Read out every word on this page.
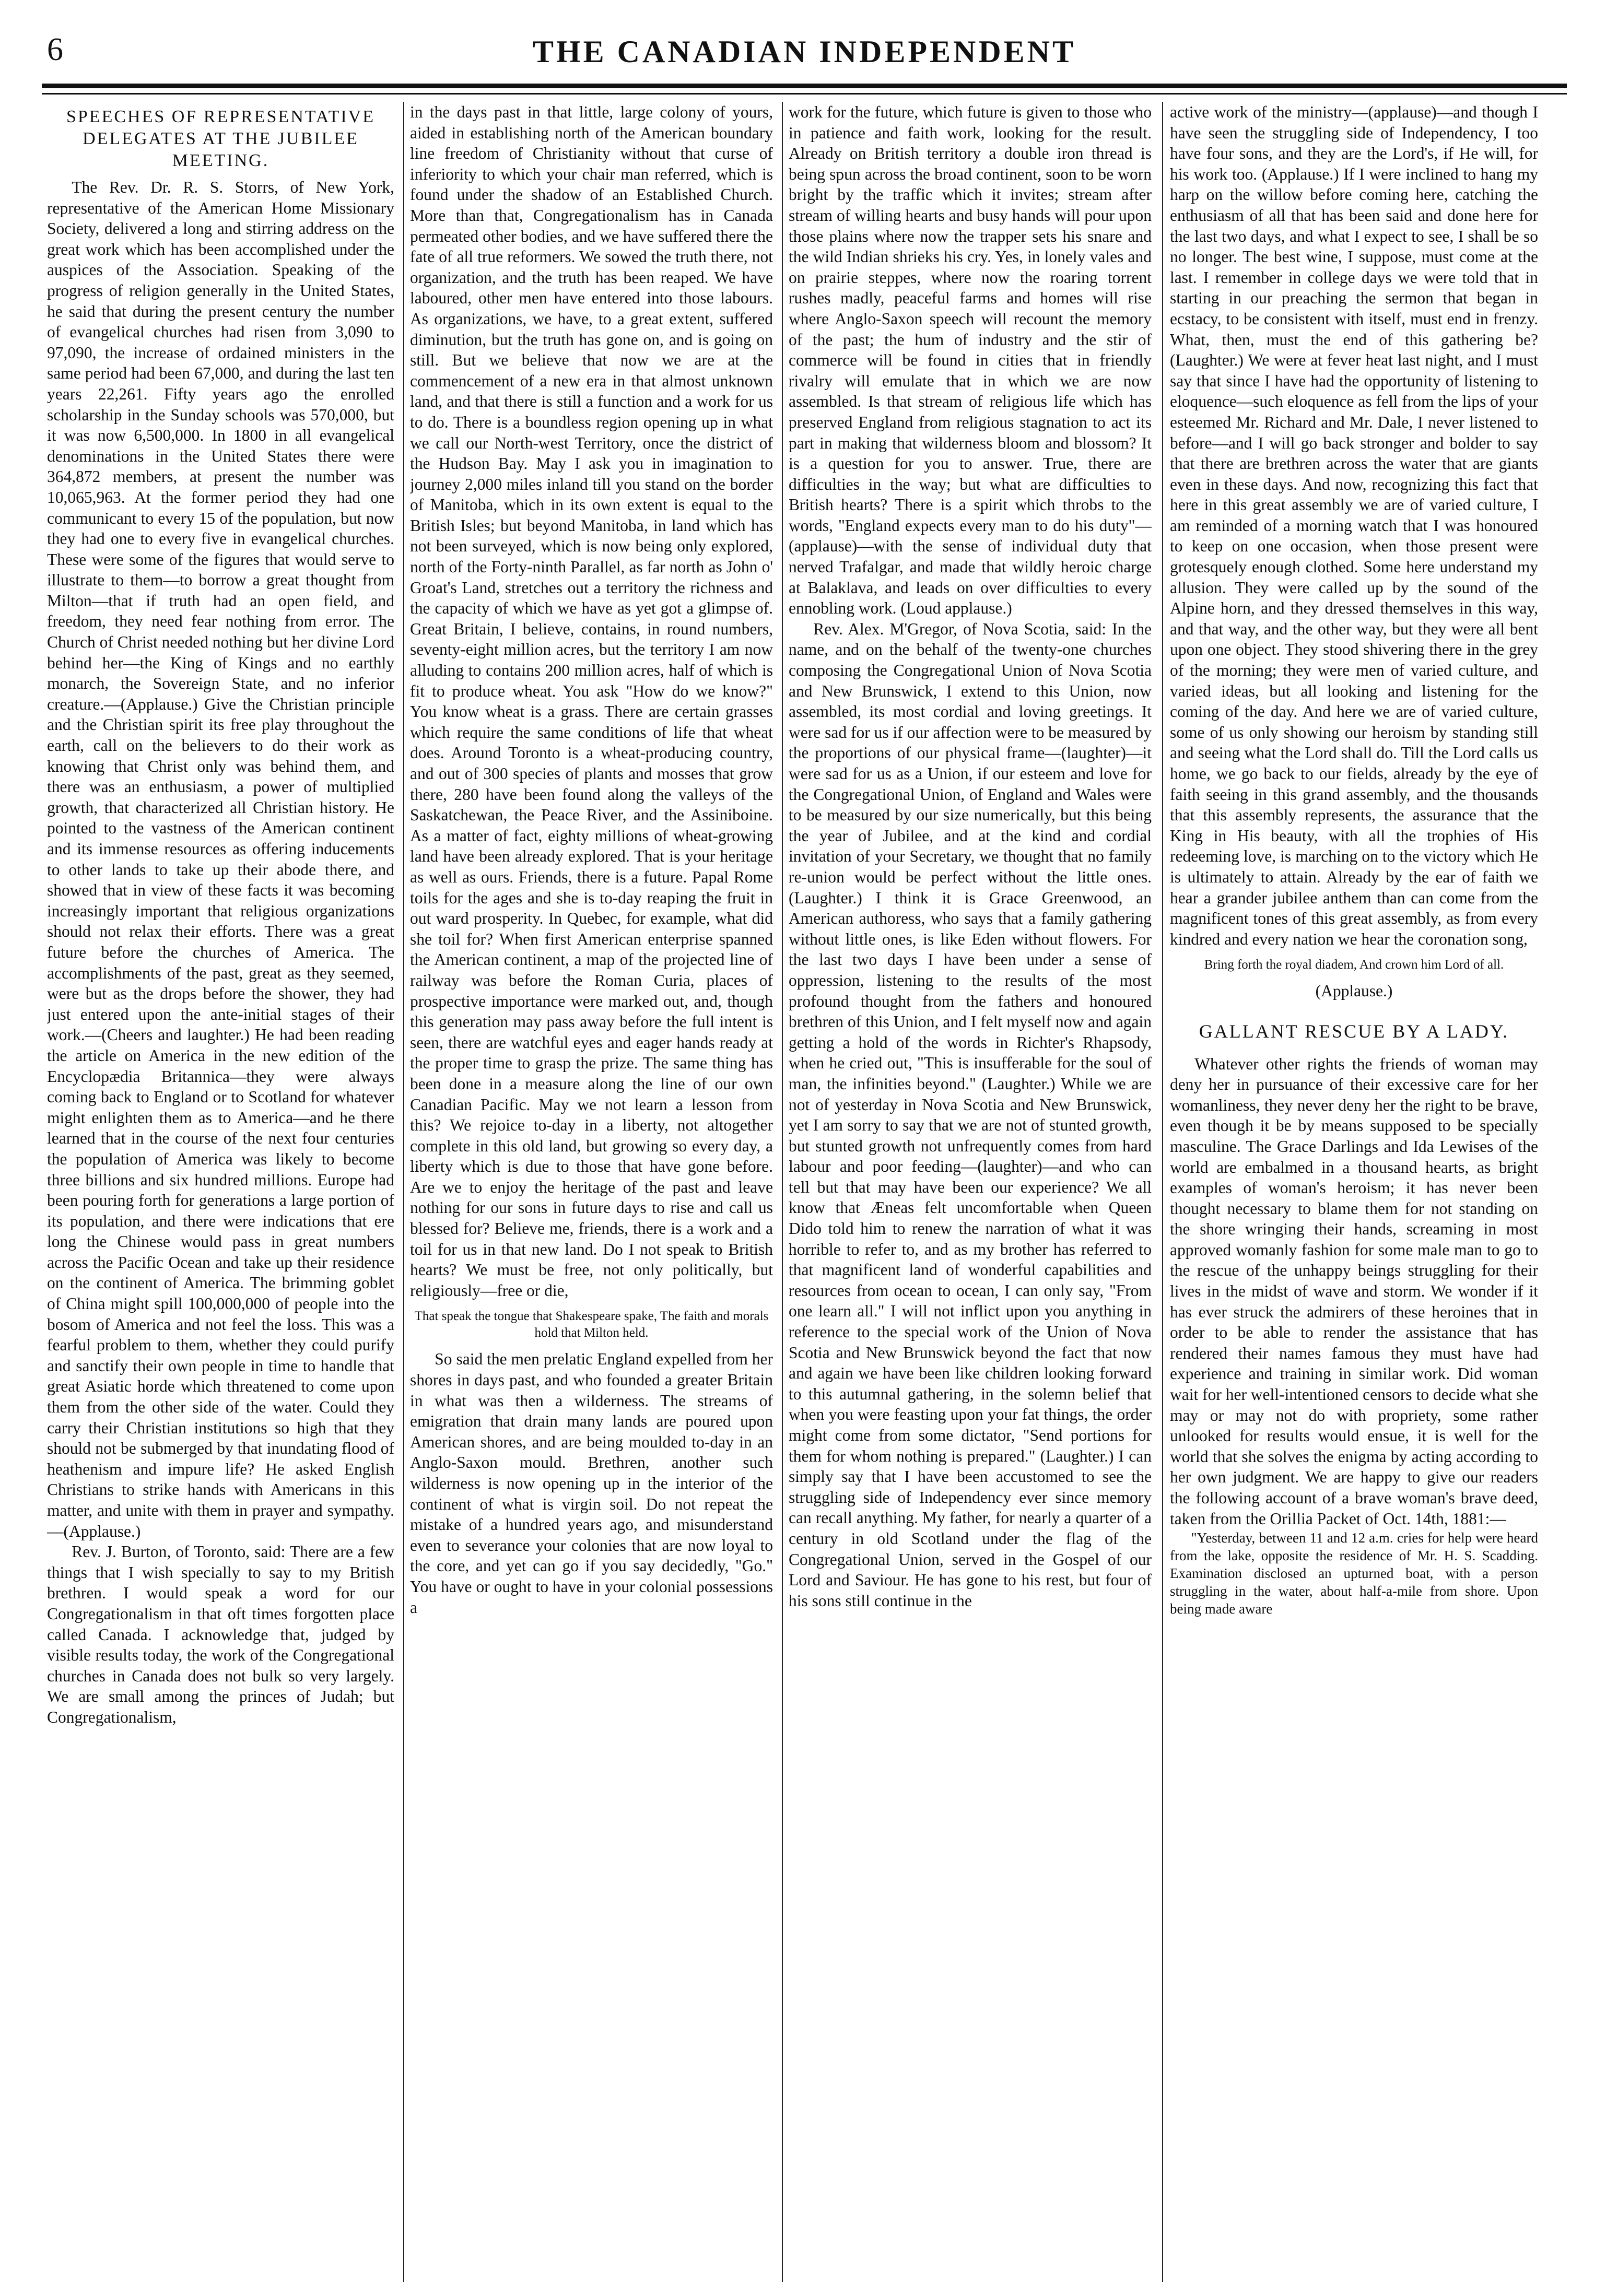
6	THE CANADIAN INDEPENDENT
SPEECHES OF REPRESENTATIVE DELEGATES AT THE JUBILEE MEETING.

The Rev. Dr. R. S. Storrs, of New York, representative of the American Home Missionary Society, delivered a long and stirring address on the great work which has been accomplished under the auspices of the Association. Speaking of the progress of religion generally in the United States, he said that during the present century the number of evangelical churches had risen from 3,090 to 97,090, the increase of ordained ministers in the same period had been 67,000, and during the last ten years 22,261. Fifty years ago the enrolled scholarship in the Sunday schools was 570,000, but it was now 6,500,000. In 1800 in all evangelical denominations in the United States there were 364,872 members, at present the number was 10,065,963. At the former period they had one communicant to every 15 of the population, but now they had one to every five in evangelical churches. These were some of the figures that would serve to illustrate to them—to borrow a great thought from Milton—that if truth had an open field, and freedom, they need fear nothing from error. The Church of Christ needed nothing but her divine Lord behind her—the King of Kings and no earthly monarch, the Sovereign State, and no inferior creature.—(Applause.) Give the Christian principle and the Christian spirit its free play throughout the earth, call on the believers to do their work as knowing that Christ only was behind them, and there was an enthusiasm, a power of multiplied growth, that characterized all Christian history. He pointed to the vastness of the American continent and its immense resources as offering inducements to other lands to take up their abode there, and showed that in view of these facts it was becoming increasingly important that religious organizations should not relax their efforts. There was a great future before the churches of America. The accomplishments of the past, great as they seemed, were but as the drops before the shower, they had just entered upon the ante-initial stages of their work.—(Cheers and laughter.) He had been reading the article on America in the new edition of the Encyclopædia Britannica—they were always coming back to England or to Scotland for whatever might enlighten them as to America—and he there learned that in the course of the next four centuries the population of America was likely to become three billions and six hundred millions. Europe had been pouring forth for generations a large portion of its population, and there were indications that ere long the Chinese would pass in great numbers across the Pacific Ocean and take up their residence on the continent of America. The brimming goblet of China might spill 100,000,000 of people into the bosom of America and not feel the loss. This was a fearful problem to them, whether they could purify and sanctify their own people in time to handle that great Asiatic horde which threatened to come upon them from the other side of the water. Could they carry their Christian institutions so high that they should not be submerged by that inundating flood of heathenism and impure life? He asked English Christians to strike hands with Americans in this matter, and unite with them in prayer and sympathy.—(Applause.)

Rev. J. Burton, of Toronto, said: There are a few things that I wish specially to say to my British brethren. I would speak a word for our Congregationalism in that oft times forgotten place called Canada. I acknowledge that, judged by visible results today, the work of the Congregational churches in Canada does not bulk so very largely. We are small among the princes of Judah; but Congregationalism,

in the days past in that little, large colony of yours, aided in establishing north of the American boundary line freedom of Christianity without that curse of inferiority to which your chair man referred, which is found under the shadow of an Established Church. More than that, Congregationalism has in Canada permeated other bodies, and we have suffered there the fate of all true reformers. We sowed the truth there, not organization, and the truth has been reaped. We have laboured, other men have entered into those labours. As organizations, we have, to a great extent, suffered diminution, but the truth has gone on, and is going on still. But we believe that now we are at the commencement of a new era in that almost unknown land, and that there is still a function and a work for us to do. There is a boundless region opening up in what we call our North-west Territory, once the district of the Hudson Bay. May I ask you in imagination to journey 2,000 miles inland till you stand on the border of Manitoba, which in its own extent is equal to the British Isles; but beyond Manitoba, in land which has not been surveyed, which is now being only explored, north of the Forty-ninth Parallel, as far north as John o' Groat's Land, stretches out a territory the richness and the capacity of which we have as yet got a glimpse of. Great Britain, I believe, contains, in round numbers, seventy-eight million acres, but the territory I am now alluding to contains 200 million acres, half of which is fit to produce wheat. You ask "How do we know?" You know wheat is a grass. There are certain grasses which require the same conditions of life that wheat does. Around Toronto is a wheat-producing country, and out of 300 species of plants and mosses that grow there, 280 have been found along the valleys of the Saskatchewan, the Peace River, and the Assiniboine. As a matter of fact, eighty millions of wheat-growing land have been already explored. That is your heritage as well as ours. Friends, there is a future. Papal Rome toils for the ages and she is to-day reaping the fruit in out ward prosperity. In Quebec, for example, what did she toil for? When first American enterprise spanned the American continent, a map of the projected line of railway was before the Roman Curia, places of prospective importance were marked out, and, though this generation may pass away before the full intent is seen, there are watchful eyes and eager hands ready at the proper time to grasp the prize. The same thing has been done in a measure along the line of our own Canadian Pacific. May we not learn a lesson from this? We rejoice to-day in a liberty, not altogether complete in this old land, but growing so every day, a liberty which is due to those that have gone before. Are we to enjoy the heritage of the past and leave nothing for our sons in future days to rise and call us blessed for? Believe me, friends, there is a work and a toil for us in that new land. Do I not speak to British hearts? We must be free, not only politically, but religiously—free or die,

That speak the tongue that Shakespeare spake, The faith and morals hold that Milton held.

So said the men prelatic England expelled from her shores in days past, and who founded a greater Britain in what was then a wilderness. The streams of emigration that drain many lands are poured upon American shores, and are being moulded to-day in an Anglo-Saxon mould. Brethren, another such wilderness is now opening up in the interior of the continent of what is virgin soil. Do not repeat the mistake of a hundred years ago, and misunderstand even to severance your colonies that are now loyal to the core, and yet can go if you say decidedly, "Go." You have or ought to have in your colonial possessions a

work for the future, which future is given to those who in patience and faith work, looking for the result. Already on British territory a double iron thread is being spun across the broad continent, soon to be worn bright by the traffic which it invites; stream after stream of willing hearts and busy hands will pour upon those plains where now the trapper sets his snare and the wild Indian shrieks his cry. Yes, in lonely vales and on prairie steppes, where now the roaring torrent rushes madly, peaceful farms and homes will rise where Anglo-Saxon speech will recount the memory of the past; the hum of industry and the stir of commerce will be found in cities that in friendly rivalry will emulate that in which we are now assembled. Is that stream of religious life which has preserved England from religious stagnation to act its part in making that wilderness bloom and blossom? It is a question for you to answer. True, there are difficulties in the way; but what are difficulties to British hearts? There is a spirit which throbs to the words, "England expects every man to do his duty"—(applause)—with the sense of individual duty that nerved Trafalgar, and made that wildly heroic charge at Balaklava, and leads on over difficulties to every ennobling work. (Loud applause.)

Rev. Alex. M'Gregor, of Nova Scotia, said: In the name, and on the behalf of the twenty-one churches composing the Congregational Union of Nova Scotia and New Brunswick, I extend to this Union, now assembled, its most cordial and loving greetings. It were sad for us if our affection were to be measured by the proportions of our physical frame—(laughter)—it were sad for us as a Union, if our esteem and love for the Congregational Union, of England and Wales were to be measured by our size numerically, but this being the year of Jubilee, and at the kind and cordial invitation of your Secretary, we thought that no family re-union would be perfect without the little ones. (Laughter.) I think it is Grace Greenwood, an American authoress, who says that a family gathering without little ones, is like Eden without flowers. For the last two days I have been under a sense of oppression, listening to the results of the most profound thought from the fathers and honoured brethren of this Union, and I felt myself now and again getting a hold of the words in Richter's Rhapsody, when he cried out, "This is insufferable for the soul of man, the infinities beyond." (Laughter.) While we are not of yesterday in Nova Scotia and New Brunswick, yet I am sorry to say that we are not of stunted growth, but stunted growth not unfrequently comes from hard labour and poor feeding—(laughter)—and who can tell but that may have been our experience? We all know that Æneas felt uncomfortable when Queen Dido told him to renew the narration of what it was horrible to refer to, and as my brother has referred to that magnificent land of wonderful capabilities and resources from ocean to ocean, I can only say, "From one learn all." I will not inflict upon you anything in reference to the special work of the Union of Nova Scotia and New Brunswick beyond the fact that now and again we have been like children looking forward to this autumnal gathering, in the solemn belief that when you were feasting upon your fat things, the order might come from some dictator, "Send portions for them for whom nothing is prepared." (Laughter.) I can simply say that I have been accustomed to see the struggling side of Independency ever since memory can recall anything. My father, for nearly a quarter of a century in old Scotland under the flag of the Congregational Union, served in the Gospel of our Lord and Saviour. He has gone to his rest, but four of his sons still continue in the

active work of the ministry—(applause)—and though I have seen the struggling side of Independency, I too have four sons, and they are the Lord's, if He will, for his work too. (Applause.) If I were inclined to hang my harp on the willow before coming here, catching the enthusiasm of all that has been said and done here for the last two days, and what I expect to see, I shall be so no longer. The best wine, I suppose, must come at the last. I remember in college days we were told that in starting in our preaching the sermon that began in ecstacy, to be consistent with itself, must end in frenzy. What, then, must the end of this gathering be? (Laughter.) We were at fever heat last night, and I must say that since I have had the opportunity of listening to eloquence—such eloquence as fell from the lips of your esteemed Mr. Richard and Mr. Dale, I never listened to before—and I will go back stronger and bolder to say that there are brethren across the water that are giants even in these days. And now, recognizing this fact that here in this great assembly we are of varied culture, I am reminded of a morning watch that I was honoured to keep on one occasion, when those present were grotesquely enough clothed. Some here understand my allusion. They were called up by the sound of the Alpine horn, and they dressed themselves in this way, and that way, and the other way, but they were all bent upon one object. They stood shivering there in the grey of the morning; they were men of varied culture, and varied ideas, but all looking and listening for the coming of the day. And here we are of varied culture, some of us only showing our heroism by standing still and seeing what the Lord shall do. Till the Lord calls us home, we go back to our fields, already by the eye of faith seeing in this grand assembly, and the thousands that this assembly represents, the assurance that the King in His beauty, with all the trophies of His redeeming love, is marching on to the victory which He is ultimately to attain. Already by the ear of faith we hear a grander jubilee anthem than can come from the magnificent tones of this great assembly, as from every kindred and every nation we hear the coronation song,

Bring forth the royal diadem, And crown him Lord of all.

(Applause.)

GALLANT RESCUE BY A LADY.

Whatever other rights the friends of woman may deny her in pursuance of their excessive care for her womanliness, they never deny her the right to be brave, even though it be by means supposed to be specially masculine. The Grace Darlings and Ida Lewises of the world are embalmed in a thousand hearts, as bright examples of woman's heroism; it has never been thought necessary to blame them for not standing on the shore wringing their hands, screaming in most approved womanly fashion for some male man to go to the rescue of the unhappy beings struggling for their lives in the midst of wave and storm. We wonder if it has ever struck the admirers of these heroines that in order to be able to render the assistance that has rendered their names famous they must have had experience and training in similar work. Did woman wait for her well-intentioned censors to decide what she may or may not do with propriety, some rather unlooked for results would ensue, it is well for the world that she solves the enigma by acting according to her own judgment. We are happy to give our readers the following account of a brave woman's brave deed, taken from the Orillia Packet of Oct. 14th, 1881:—

"Yesterday, between 11 and 12 a.m. cries for help were heard from the lake, opposite the residence of Mr. H. S. Scadding. Examination disclosed an upturned boat, with a person struggling in the water, about half-a-mile from shore. Upon being made aware
